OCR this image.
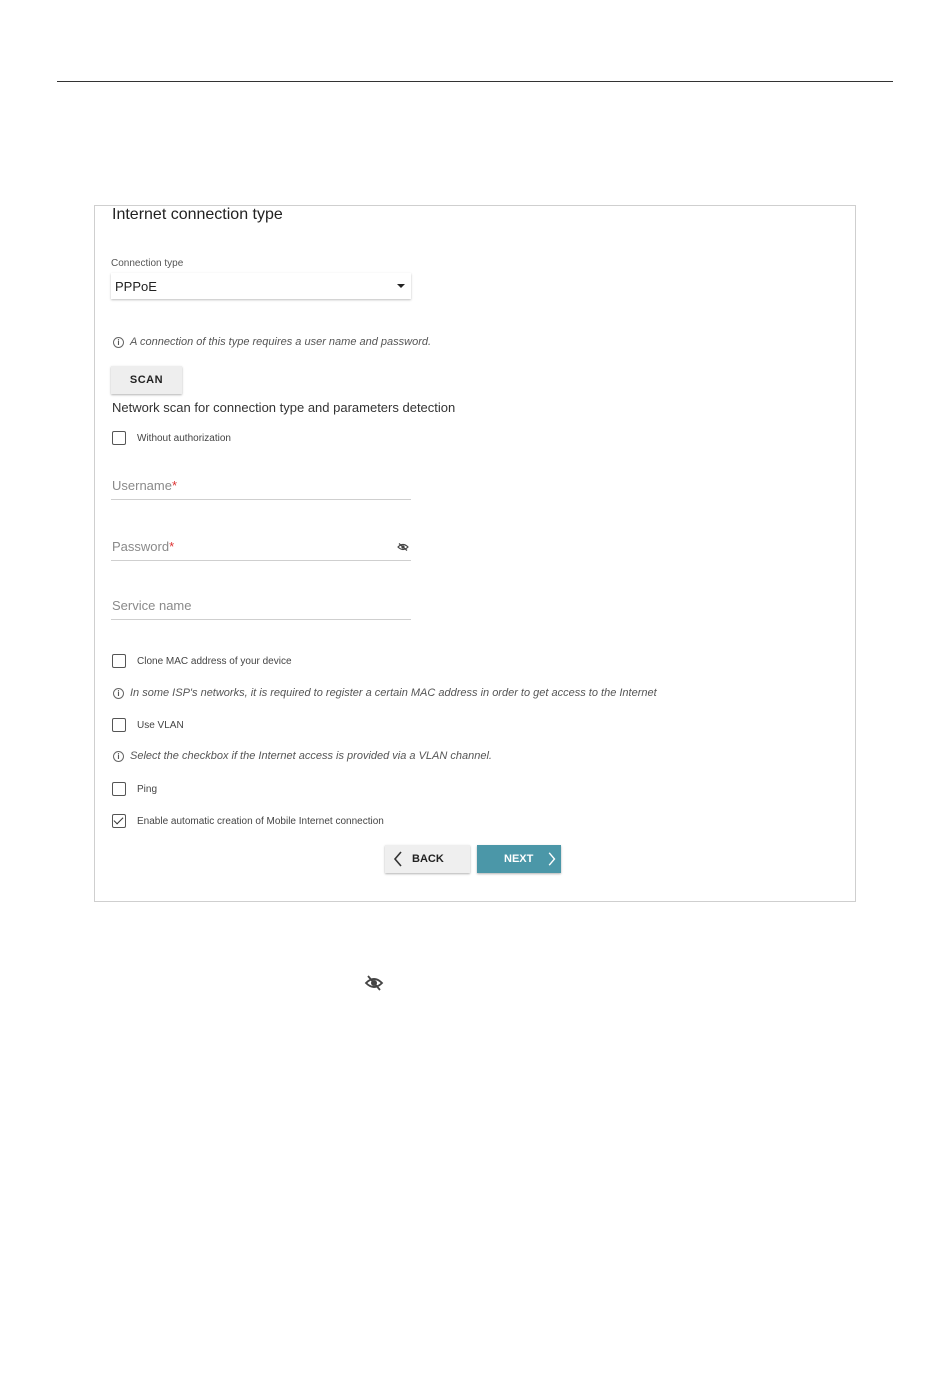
Internet connection type
Connection type
PPPoE
i A connection of this type requires a user name and password.
SCAN
Network scan for connection type and parameters detection
Without authorization
Username*
Password*
Service name
Clone MAC address of your device
i In some ISP's networks, it is required to register a certain MAC address in order to get access to the Internet
Use VLAN
i Select the checkbox if the Internet access is provided via a VLAN channel.
Ping
Enable automatic creation of Mobile Internet connection
BACK	NEXT
